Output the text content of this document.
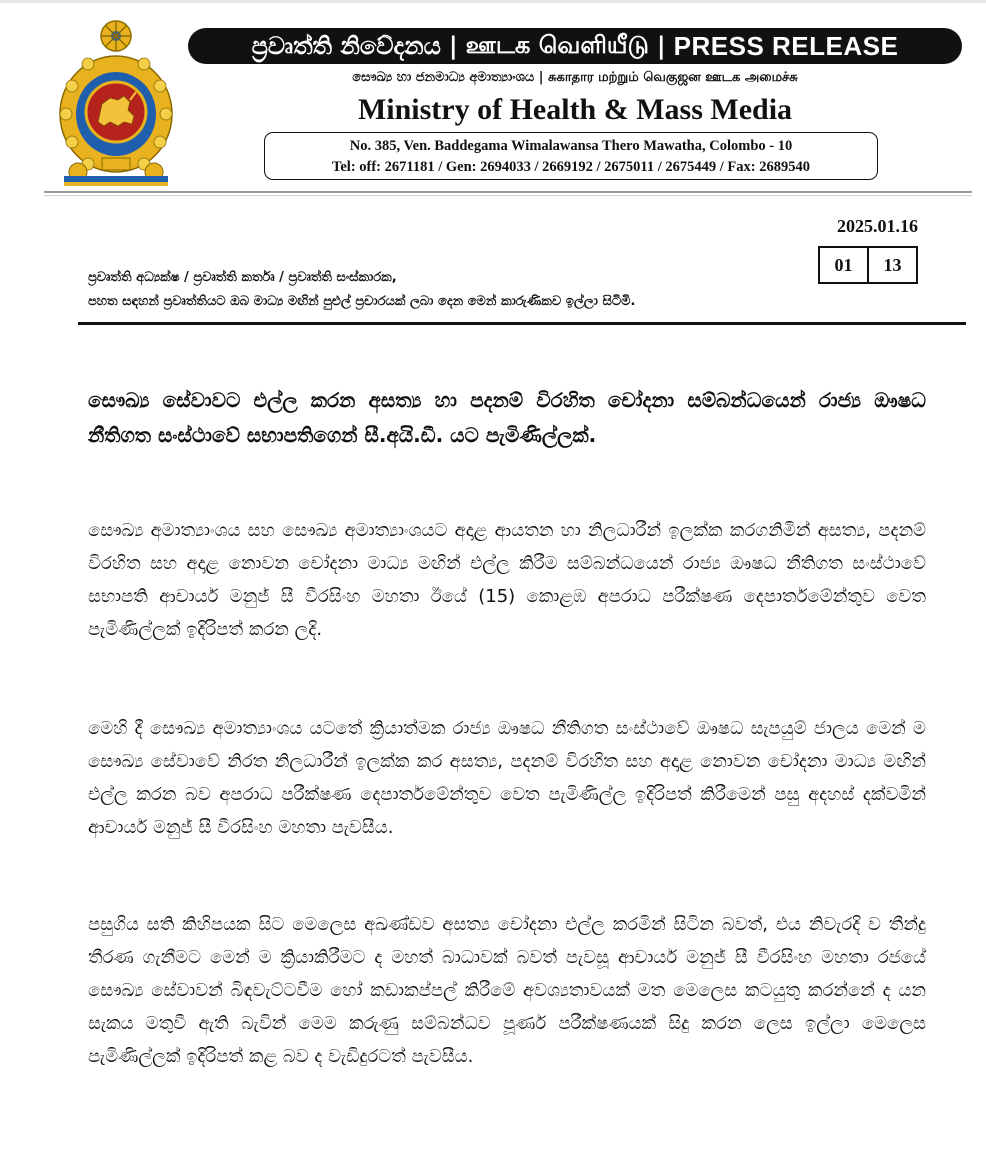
ප්‍රවෘත්ති නිවේදනය | ஊடக வெளியீடு | PRESS RELEASE
සෞඛ්‍ය හා ජනමාධ්‍ය අමාත්‍යාංශය | சுகாதார மற்றும் வெகுஜன ஊடக அமைச்சு
Ministry of Health & Mass Media
No. 385, Ven. Baddegama Wimalawansa Thero Mawatha, Colombo - 10
Tel: off: 2671181 / Gen: 2694033 / 2669192 / 2675011 / 2675449 / Fax: 2689540
2025.01.16
01	13
ප්‍රවෘත්ති අධ්‍යක්ෂ / ප්‍රවෘත්ති කර්තෘ / ප්‍රවෘත්ති සංස්කාරක,
පහත සඳහන් ප්‍රවෘත්තියට ඔබ මාධ්‍ය මඟින් පුළුල් ප්‍රචාරයක් ලබා දෙන මෙන් කාරුණිකව ඉල්ලා සිටිමි.
සෞඛ්‍ය සේවාවට එල්ල කරන අසත්‍ය හා පදනම් විරහිත චෝදනා සම්බන්ධයෙන් රාජ්‍ය ඖෂධ නීතිගත සංස්ථාවේ සභාපතිගෙන් සී.අයි.ඩී. යට පැමිණිල්ලක්.
සෞඛ්‍ය අමාත්‍යාංශය සහ සෞඛ්‍ය අමාත්‍යාංශයට අදාළ ආයතන හා නිලධාරීන් ඉලක්ක කරගනිමින් අසත්‍ය, පදනම් විරහිත සහ අදාළ නොවන චෝදනා මාධ්‍ය මඟින් එල්ල කිරීම සම්බන්ධයෙන් රාජ්‍ය ඖෂධ නීතිගත සංස්ථාවේ සභාපති ආචාර්ය මනුජ් සී වීරසිංහ මහතා ඊයේ (15) කොළඹ අපරාධ පරීක්ෂණ දෙපාර්තමේන්තුව වෙත පැමිණිල්ලක් ඉදිරිපත් කරන ලදි.
මෙහි දී සෞඛ්‍ය අමාත්‍යාංශය යටතේ ක්‍රියාත්මක රාජ්‍ය ඖෂධ නීතිගත සංස්ථාවේ ඖෂධ සැපයුම් ජාලය මෙන් ම සෞඛ්‍ය සේවාවේ නිරත නිලධාරීන් ඉලක්ක කර අසත්‍ය, පදනම් විරහිත සහ අදාළ නොවන චෝදනා මාධ්‍ය මඟින් එල්ල කරන බව අපරාධ පරීක්ෂණ දෙපාර්තමේන්තුව වෙත පැමිණිල්ල ඉදිරිපත් කිරීමෙන් පසු අදහස් දක්වමින් ආචාර්ය මනුජ් සී වීරසිංහ මහතා පැවසීය.
පසුගිය සති කිහිපයක සිට මෙලෙස අඛණ්ඩව අසත්‍ය චෝදනා එල්ල කරමින් සිටින බවත්, එය නිවැරදි ව තීන්දු තීරණ ගැනීමට මෙන් ම ක්‍රියාකිරීමට ද මහත් බාධාවක් බවත් පැවසූ ආචාර්ය මනුජ් සී වීරසිංහ මහතා රජයේ සෞඛ්‍ය සේවාවන් බිඳවැට්ටවීම හෝ කඩාකප්පල් කිරීමේ අවශ්‍යතාවයක් මත මෙලෙස කටයුතු කරන්නේ ද යන සැකය මතුවී ඇති බැවින් මෙම කරුණු සම්බන්ධව පූර්ණ පරීක්ෂණයක් සිදු කරන ලෙස ඉල්ලා මෙලෙස පැමිණිල්ලක් ඉදිරිපත් කළ බව ද වැඩිදුරටත් පැවසීය.
